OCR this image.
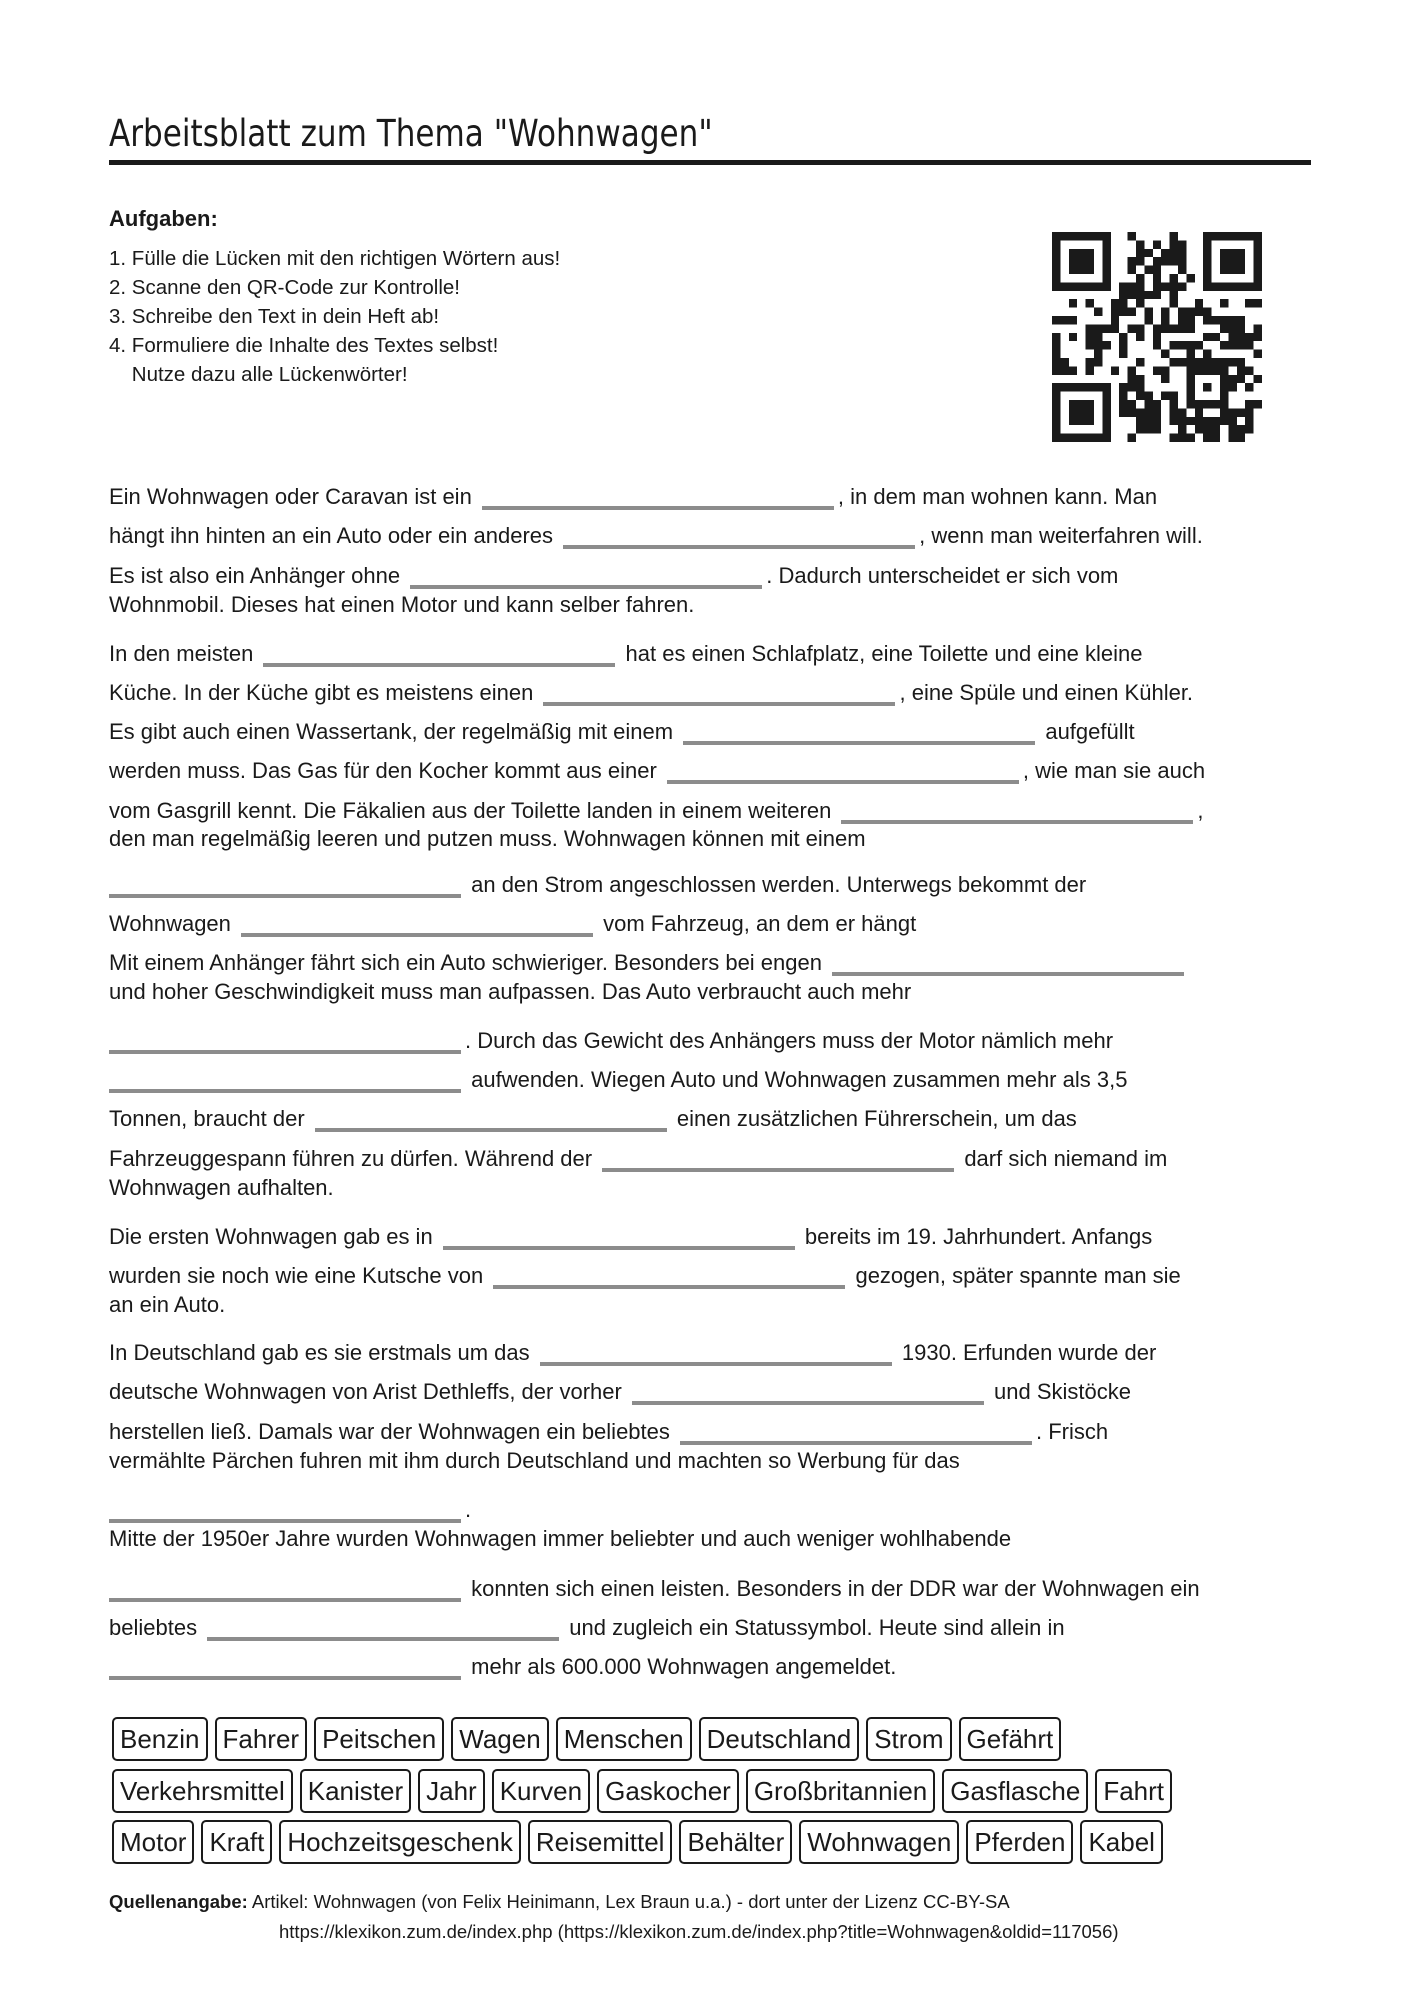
Arbeitsblatt zum Thema "Wohnwagen"
Aufgaben:
1. Fülle die Lücken mit den richtigen Wörtern aus!
2. Scanne den QR-Code zur Kontrolle!
3. Schreibe den Text in dein Heft ab!
4. Formuliere die Inhalte des Textes selbst!
Nutze dazu alle Lückenwörter!
Ein Wohnwagen oder Caravan ist ein	, in dem man wohnen kann. Man
hängt ihn hinten an ein Auto oder ein anderes	, wenn man weiterfahren will.
Es ist also ein Anhänger ohne	. Dadurch unterscheidet er sich vom
Wohnmobil. Dieses hat einen Motor und kann selber fahren.
In den meisten	hat es einen Schlafplatz, eine Toilette und eine kleine
Küche. In der Küche gibt es meistens einen	, eine Spüle und einen Kühler.
Es gibt auch einen Wassertank, der regelmäßig mit einem	aufgefüllt
werden muss. Das Gas für den Kocher kommt aus einer	, wie man sie auch
vom Gasgrill kennt. Die Fäkalien aus der Toilette landen in einem weiteren	,
den man regelmäßig leeren und putzen muss. Wohnwagen können mit einem
an den Strom angeschlossen werden. Unterwegs bekommt der
Wohnwagen	vom Fahrzeug, an dem er hängt
Mit einem Anhänger fährt sich ein Auto schwieriger. Besonders bei engen
und hoher Geschwindigkeit muss man aufpassen. Das Auto verbraucht auch mehr
. Durch das Gewicht des Anhängers muss der Motor nämlich mehr
aufwenden. Wiegen Auto und Wohnwagen zusammen mehr als 3,5
Tonnen, braucht der	einen zusätzlichen Führerschein, um das
Fahrzeuggespann führen zu dürfen. Während der	darf sich niemand im
Wohnwagen aufhalten.
Die ersten Wohnwagen gab es in	bereits im 19. Jahrhundert. Anfangs
wurden sie noch wie eine Kutsche von	gezogen, später spannte man sie
an ein Auto.
In Deutschland gab es sie erstmals um das	1930. Erfunden wurde der
deutsche Wohnwagen von Arist Dethleffs, der vorher	und Skistöcke
herstellen ließ. Damals war der Wohnwagen ein beliebtes	. Frisch
vermählte Pärchen fuhren mit ihm durch Deutschland und machten so Werbung für das
.
Mitte der 1950er Jahre wurden Wohnwagen immer beliebter und auch weniger wohlhabende
konnten sich einen leisten. Besonders in der DDR war der Wohnwagen ein
beliebtes	und zugleich ein Statussymbol. Heute sind allein in
mehr als 600.000 Wohnwagen angemeldet.
Benzin Fahrer Peitschen Wagen Menschen Deutschland Strom Gefährt
Verkehrsmittel Kanister Jahr Kurven Gaskocher Großbritannien Gasflasche Fahrt
Motor Kraft Hochzeitsgeschenk Reisemittel Behälter Wohnwagen Pferden Kabel
Quellenangabe: Artikel: Wohnwagen (von Felix Heinimann, Lex Braun u.a.) - dort unter der Lizenz CC-BY-SA
https://klexikon.zum.de/index.php (https://klexikon.zum.de/index.php?title=Wohnwagen&oldid=117056)
